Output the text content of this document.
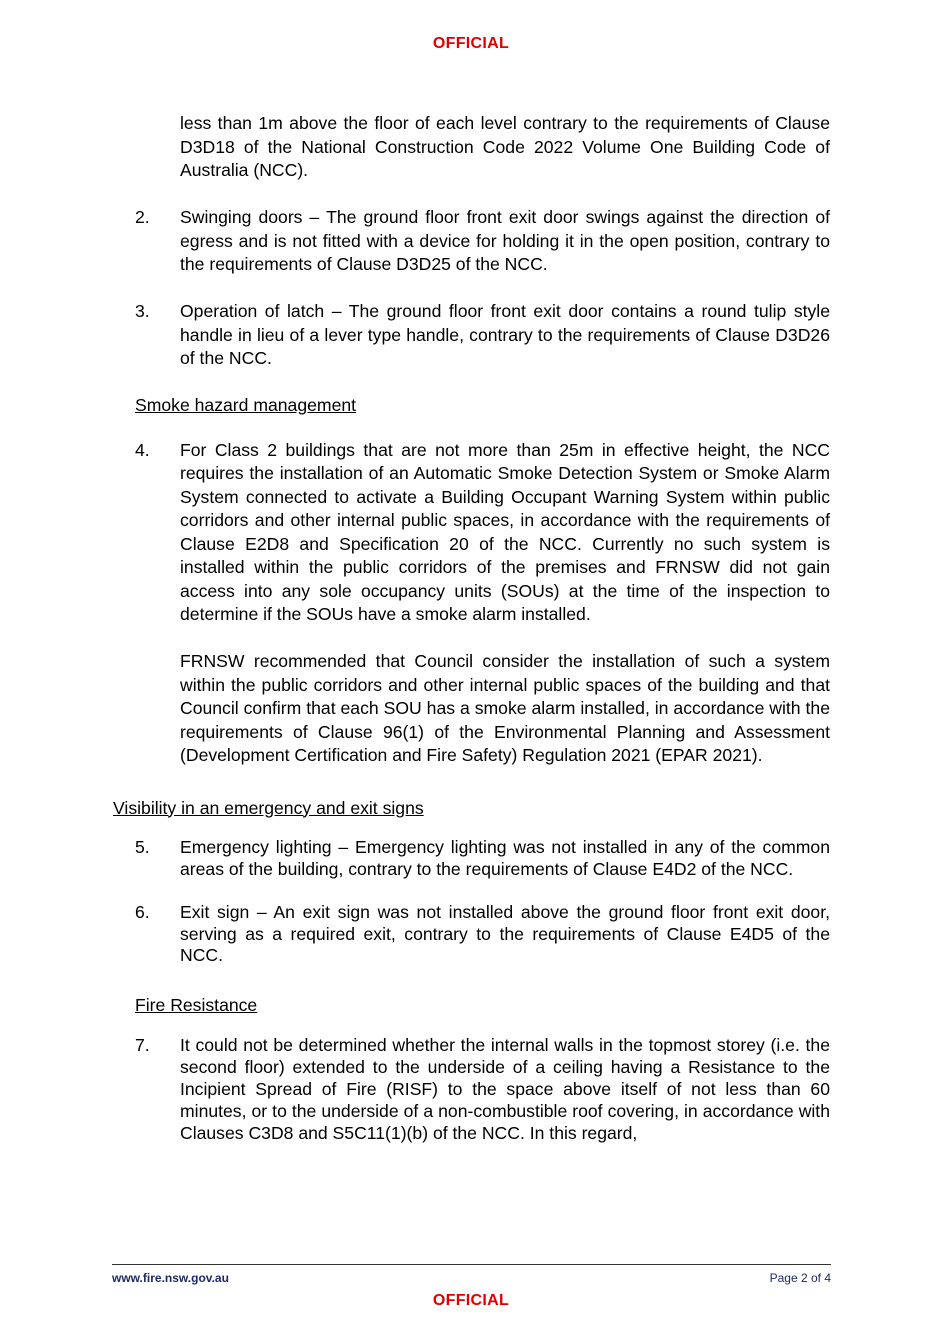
OFFICIAL
less than 1m above the floor of each level contrary to the requirements of Clause D3D18 of the National Construction Code 2022 Volume One Building Code of Australia (NCC).
2. Swinging doors – The ground floor front exit door swings against the direction of egress and is not fitted with a device for holding it in the open position, contrary to the requirements of Clause D3D25 of the NCC.
3. Operation of latch – The ground floor front exit door contains a round tulip style handle in lieu of a lever type handle, contrary to the requirements of Clause D3D26 of the NCC.
Smoke hazard management
4. For Class 2 buildings that are not more than 25m in effective height, the NCC requires the installation of an Automatic Smoke Detection System or Smoke Alarm System connected to activate a Building Occupant Warning System within public corridors and other internal public spaces, in accordance with the requirements of Clause E2D8 and Specification 20 of the NCC. Currently no such system is installed within the public corridors of the premises and FRNSW did not gain access into any sole occupancy units (SOUs) at the time of the inspection to determine if the SOUs have a smoke alarm installed.
FRNSW recommended that Council consider the installation of such a system within the public corridors and other internal public spaces of the building and that Council confirm that each SOU has a smoke alarm installed, in accordance with the requirements of Clause 96(1) of the Environmental Planning and Assessment (Development Certification and Fire Safety) Regulation 2021 (EPAR 2021).
Visibility in an emergency and exit signs
5. Emergency lighting – Emergency lighting was not installed in any of the common areas of the building, contrary to the requirements of Clause E4D2 of the NCC.
6. Exit sign – An exit sign was not installed above the ground floor front exit door, serving as a required exit, contrary to the requirements of Clause E4D5 of the NCC.
Fire Resistance
7. It could not be determined whether the internal walls in the topmost storey (i.e. the second floor) extended to the underside of a ceiling having a Resistance to the Incipient Spread of Fire (RISF) to the space above itself of not less than 60 minutes, or to the underside of a non-combustible roof covering, in accordance with Clauses C3D8 and S5C11(1)(b) of the NCC. In this regard,
www.fire.nsw.gov.au	Page 2 of 4
OFFICIAL
